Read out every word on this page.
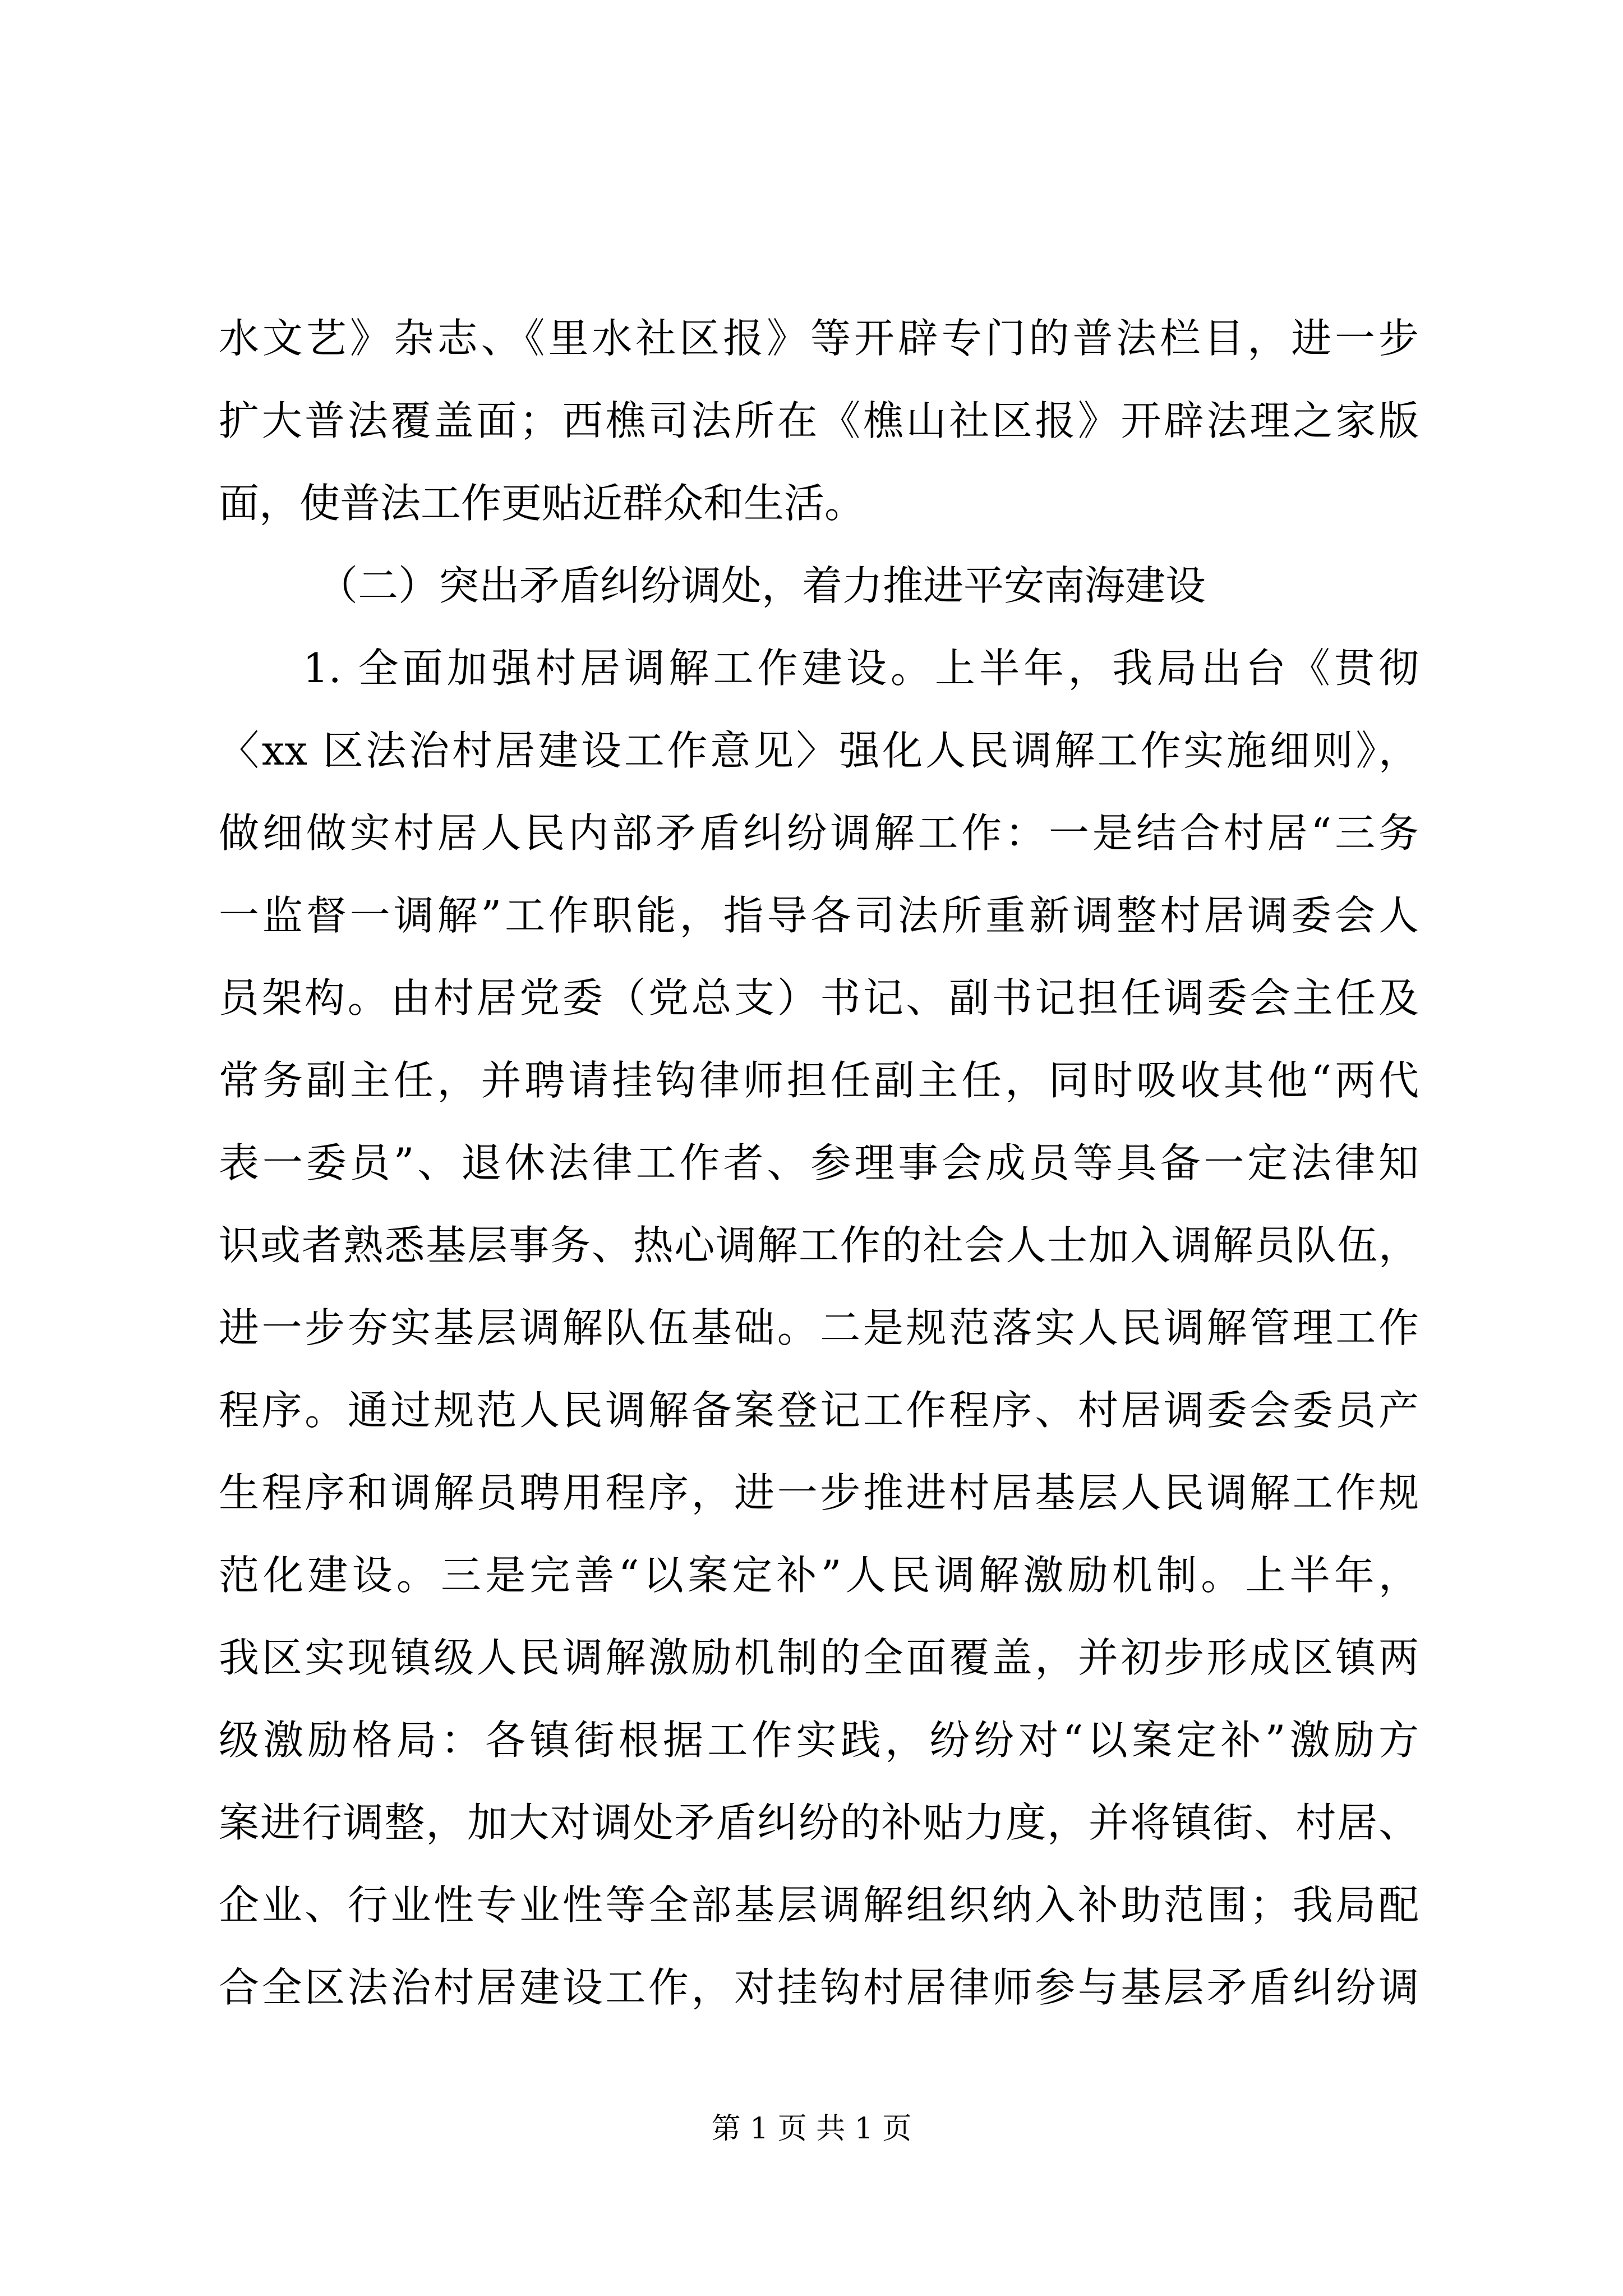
水文艺》杂志、《里水社区报》等开辟专门的普法栏目，进一步
扩大普法覆盖面；西樵司法所在《樵山社区报》开辟法理之家版
面，使普法工作更贴近群众和生活。
（二）突出矛盾纠纷调处，着力推进平安南海建设
1. 全面加强村居调解工作建设。上半年，我局出台《贯彻
〈xx 区法治村居建设工作意见〉强化人民调解工作实施细则》，
做细做实村居人民内部矛盾纠纷调解工作：一是结合村居“三务
一监督一调解”工作职能，指导各司法所重新调整村居调委会人
员架构。由村居党委（党总支）书记、副书记担任调委会主任及
常务副主任，并聘请挂钩律师担任副主任，同时吸收其他“两代
表一委员”、退休法律工作者、参理事会成员等具备一定法律知
识或者熟悉基层事务、热心调解工作的社会人士加入调解员队伍，
进一步夯实基层调解队伍基础。二是规范落实人民调解管理工作
程序。通过规范人民调解备案登记工作程序、村居调委会委员产
生程序和调解员聘用程序，进一步推进村居基层人民调解工作规
范化建设。三是完善“以案定补”人民调解激励机制。上半年，
我区实现镇级人民调解激励机制的全面覆盖，并初步形成区镇两
级激励格局：各镇街根据工作实践，纷纷对“以案定补”激励方
案进行调整，加大对调处矛盾纠纷的补贴力度，并将镇街、村居、
企业、行业性专业性等全部基层调解组织纳入补助范围；我局配
合全区法治村居建设工作，对挂钩村居律师参与基层矛盾纠纷调
第 1 页 共 1 页
